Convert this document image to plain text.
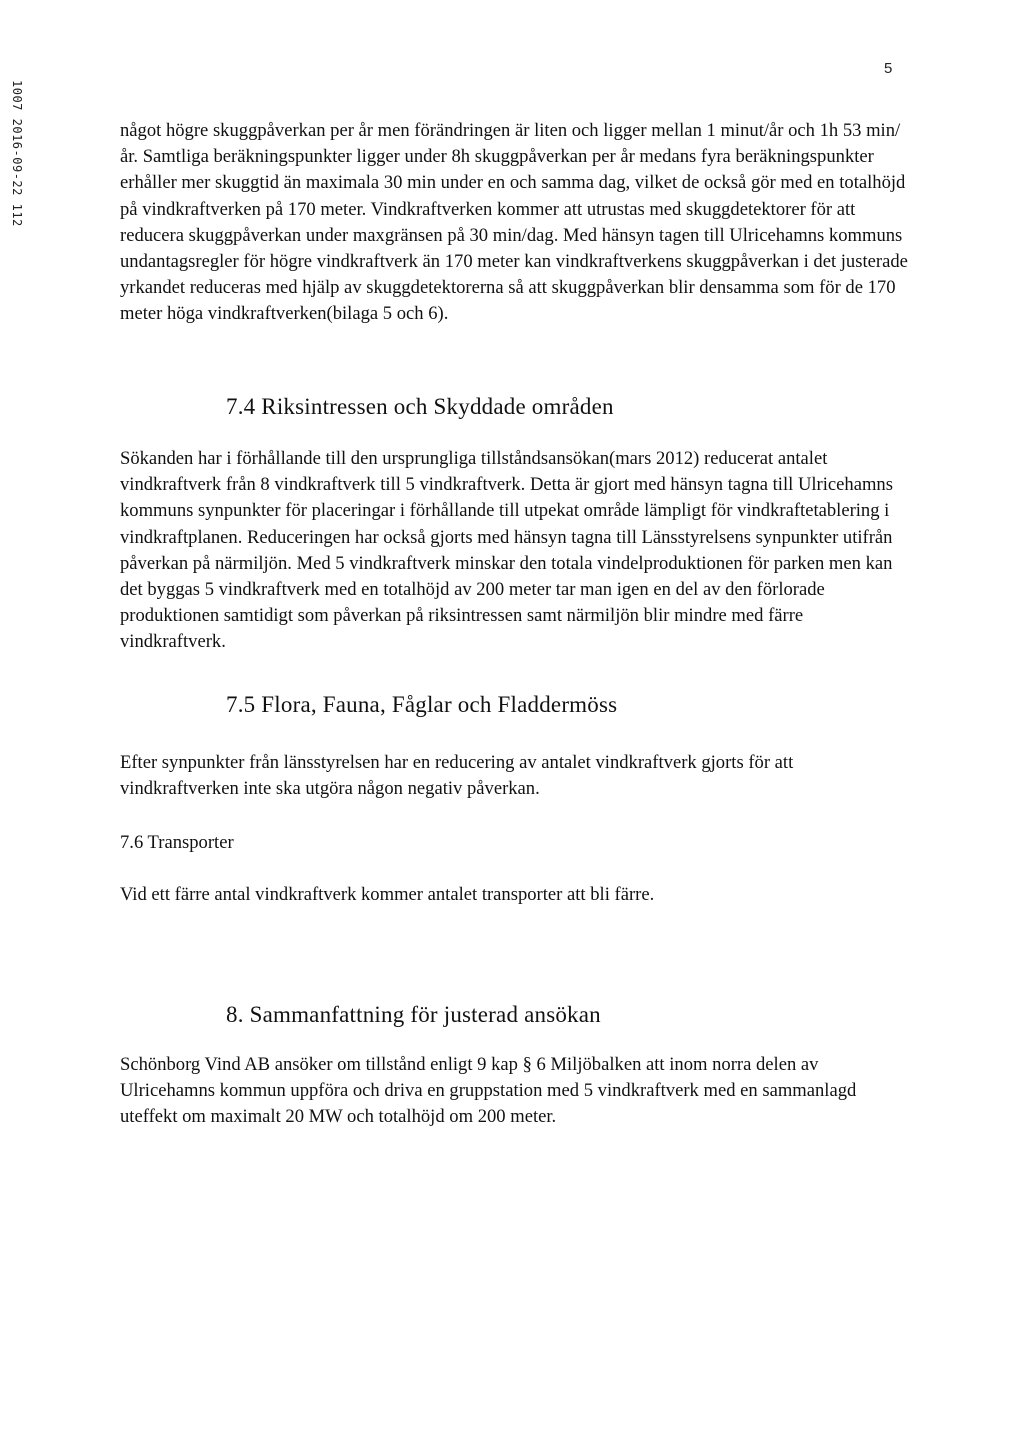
1007 2016-09-22 112
5

något högre skuggpåverkan per år men förändringen är liten och ligger mellan 1 minut/år och 1h 53 min/år. Samtliga beräkningspunkter ligger under 8h skuggpåverkan per år medans fyra beräkningspunkter erhåller mer skuggtid än maximala 30 min under en och samma dag, vilket de också gör med en totalhöjd på vindkraftverken på 170 meter. Vindkraftverken kommer att utrustas med skuggdetektorer för att reducera skuggpåverkan under maxgränsen på 30 min/dag. Med hänsyn tagen till Ulricehamns kommuns undantagsregler för högre vindkraftverk än 170 meter kan vindkraftverkens skuggpåverkan i det justerade yrkandet reduceras med hjälp av skuggdetektorerna så att skuggpåverkan blir densamma som för de 170 meter höga vindkraftverken(bilaga 5 och 6).

7.4 Riksintressen och Skyddade områden

Sökanden har i förhållande till den ursprungliga tillståndsansökan(mars 2012) reducerat antalet vindkraftverk från 8 vindkraftverk till 5 vindkraftverk. Detta är gjort med hänsyn tagna till Ulricehamns kommuns synpunkter för placeringar i förhållande till utpekat område lämpligt för vindkraftetablering i vindkraftplanen. Reduceringen har också gjorts med hänsyn tagna till Länsstyrelsens synpunkter utifrån påverkan på närmiljön. Med 5 vindkraftverk minskar den totala vindelproduktionen för parken men kan det byggas 5 vindkraftverk med en totalhöjd av 200 meter tar man igen en del av den förlorade produktionen samtidigt som påverkan på riksintressen samt närmiljön blir mindre med färre vindkraftverk.

7.5 Flora, Fauna, Fåglar och Fladdermöss

Efter synpunkter från länsstyrelsen har en reducering av antalet vindkraftverk gjorts för att vindkraftverken inte ska utgöra någon negativ påverkan.

7.6 Transporter

Vid ett färre antal vindkraftverk kommer antalet transporter att bli färre.

8. Sammanfattning för justerad ansökan

Schönborg Vind AB ansöker om tillstånd enligt 9 kap § 6 Miljöbalken att inom norra delen av Ulricehamns kommun uppföra och driva en gruppstation med 5 vindkraftverk med en sammanlagd uteffekt om maximalt 20 MW och totalhöjd om 200 meter.
